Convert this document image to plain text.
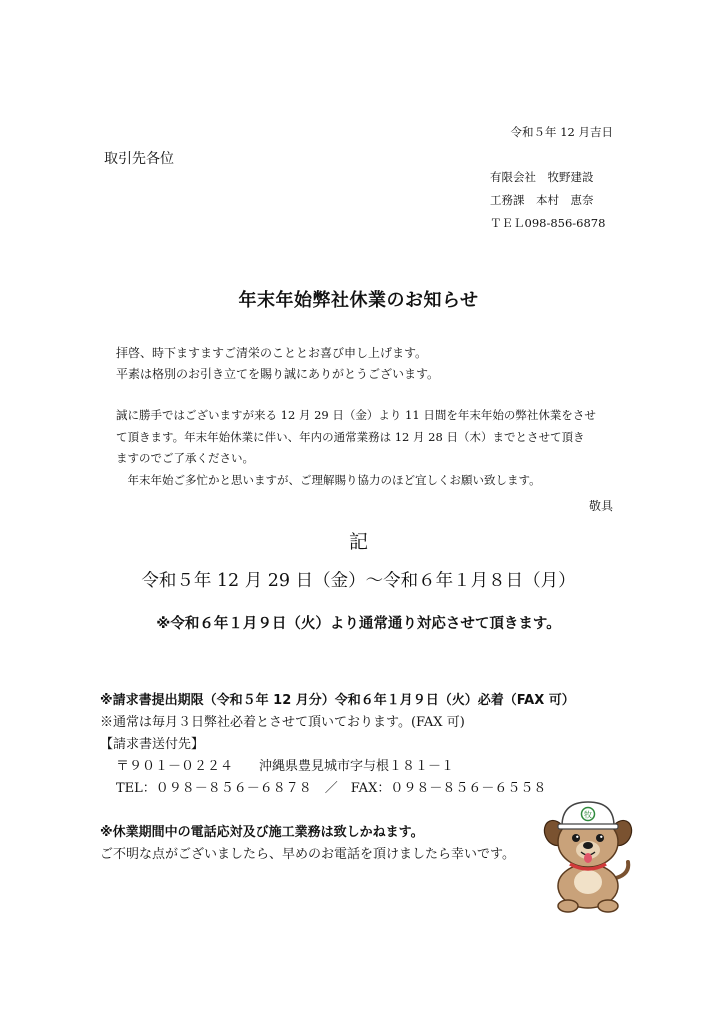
令和５年 12 月吉日
取引先各位
有限会社　牧野建設
工務課　本村　恵奈
ＴＥＬ098-856-6878
年末年始弊社休業のお知らせ
拝啓、時下ますますご清栄のこととお喜び申し上げます。
平素は格別のお引き立てを賜り誠にありがとうございます。
誠に勝手ではございますが来る 12 月 29 日（金）より 11 日間を年末年始の弊社休業をさせ
て頂きます。年末年始休業に伴い、年内の通常業務は 12 月 28 日（木）までとさせて頂き
ますのでご了承ください。
　年末年始ご多忙かと思いますが、ご理解賜り協力のほど宜しくお願い致します。
敬具
記
令和５年 12 月 29 日（金）～令和６年１月８日（月）
※令和６年１月９日（火）より通常通り対応させて頂きます。
※請求書提出期限（令和５年 12 月分）令和６年１月９日（火）必着（FAX 可）
※通常は毎月３日弊社必着とさせて頂いております。(FAX 可)
【請求書送付先】
〒９０１－０２２４　　沖縄県豊見城市字与根１８１－１
TEL：０９８－８５６－６８７８　／　FAX：０９８－８５６－６５５８
※休業期間中の電話応対及び施工業務は致しかねます。
ご不明な点がございましたら、早めのお電話を頂けましたら幸いです。
牧
